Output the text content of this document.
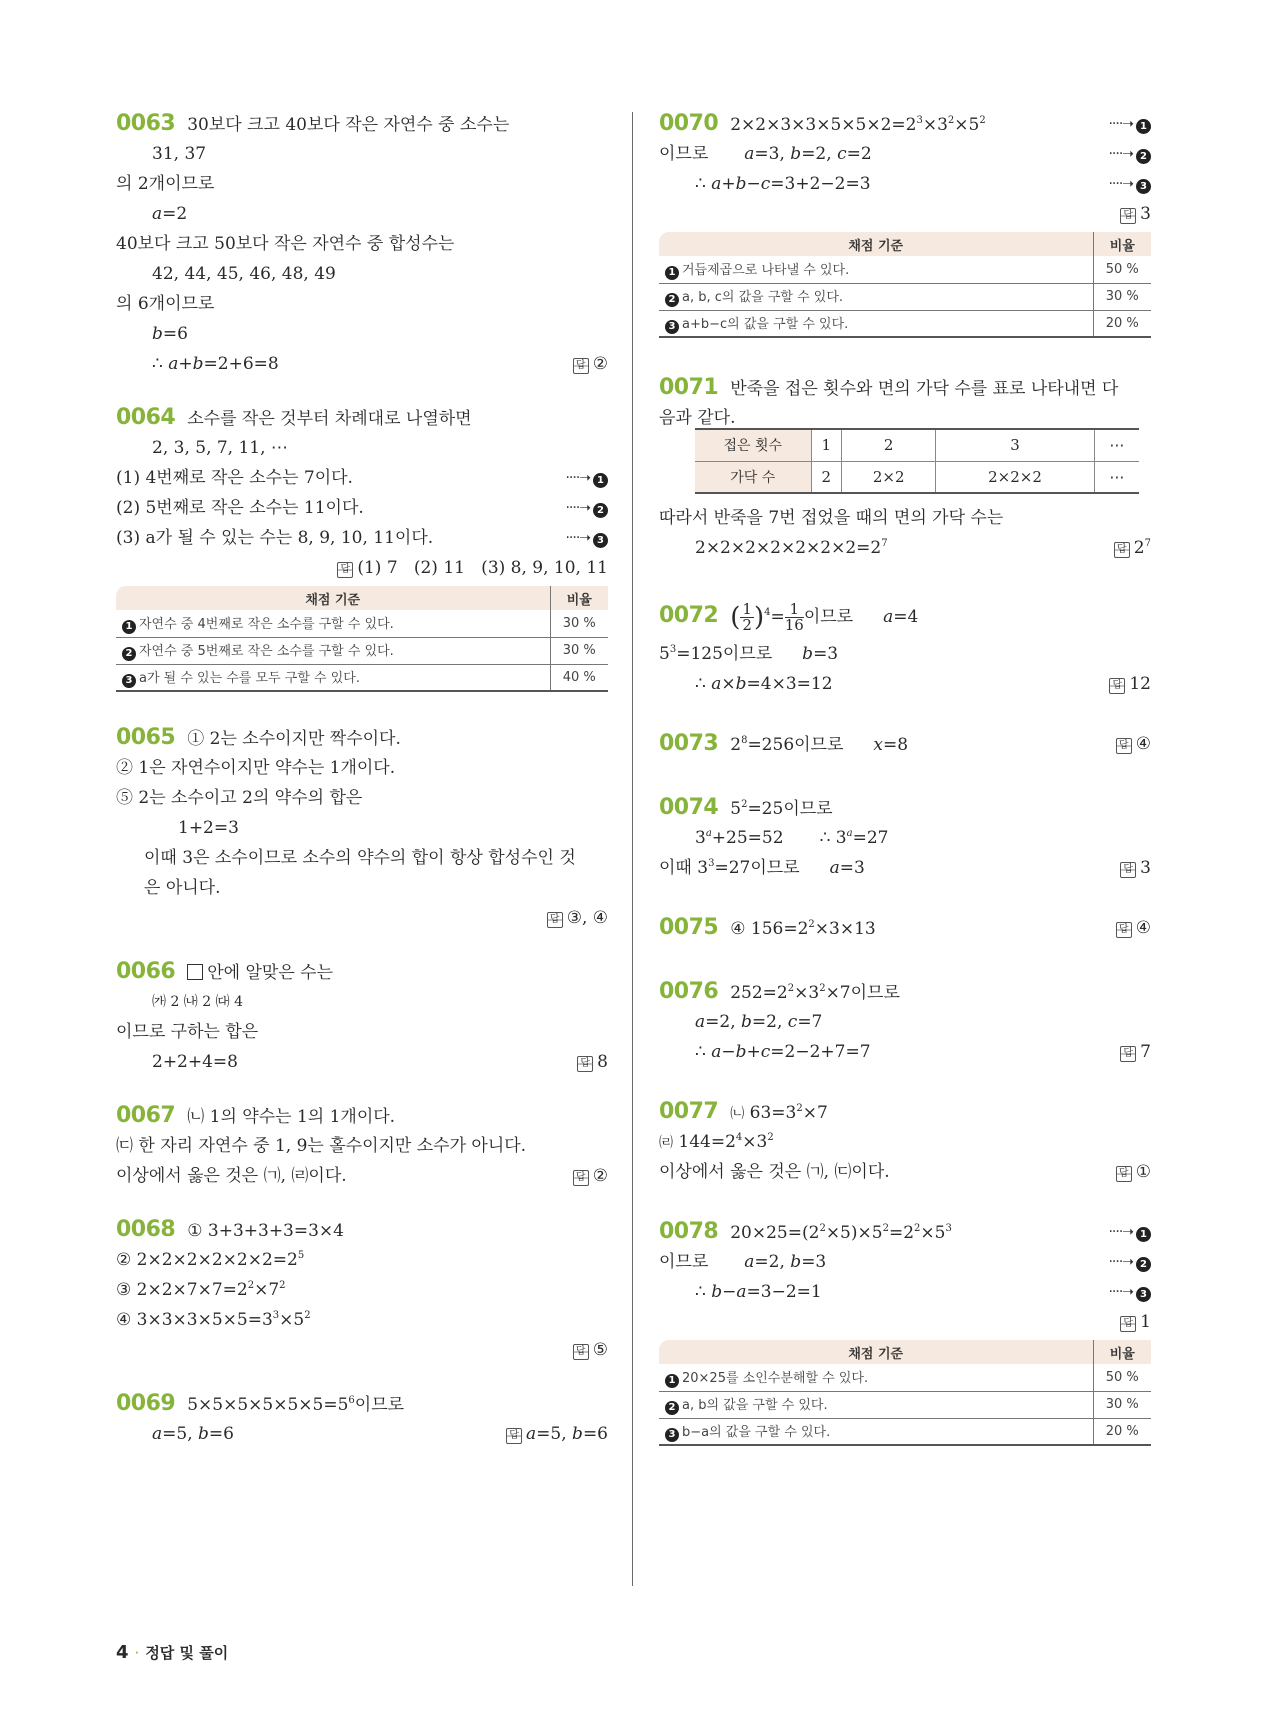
0063 30보다 크고 40보다 작은 자연수 중 소수는
31, 37
의 2개이므로
a=2
40보다 크고 50보다 작은 자연수 중 합성수는
42, 44, 45, 46, 48, 49
의 6개이므로
b=6
∴ a+b=2+6=8	답 ②
0064 소수를 작은 것부터 차례대로 나열하면
2, 3, 5, 7, 11, ⋯
(1) 4번째로 작은 소수는 7이다.	····➝ 1
(2) 5번째로 작은 소수는 11이다.	····➝ 2
(3) a가 될 수 있는 수는 8, 9, 10, 11이다.	····➝ 3
답 (1) 7   (2) 11   (3) 8, 9, 10, 11
채점 기준	비율
1 자연수 중 4번째로 작은 소수를 구할 수 있다.	30 %
2 자연수 중 5번째로 작은 소수를 구할 수 있다.	30 %
3 a가 될 수 있는 수를 모두 구할 수 있다.	40 %
0065 ① 2는 소수이지만 짝수이다.
② 1은 자연수이지만 약수는 1개이다.
⑤ 2는 소수이고 2의 약수의 합은
1+2=3
이때 3은 소수이므로 소수의 약수의 합이 항상 합성수인 것
은 아니다.
답 ③, ④
0066 안에 알맞은 수는
㈎ 2 ㈏ 2 ㈐ 4
이므로 구하는 합은
2+2+4=8	답 8
0067 ㈁ 1의 약수는 1의 1개이다.
㈂ 한 자리 자연수 중 1, 9는 홀수이지만 소수가 아니다.
이상에서 옳은 것은 ㈀, ㈃이다.	답 ②
0068 ① 3+3+3+3=3×4
② $2\times 2\times 2\times 2\times 2\times 2=2^5$
③ $2\times 2\times 7\times 7=2^2\times 7^2$
④ $3\times 3\times 3\times 5\times 5=3^3\times 5^2$
답 ⑤
0069 $5\times 5\times 5\times 5\times 5\times 5=5^6$이므로
a=5, b=6	답 a=5, b=6
0070 $2\times 2\times 3\times 3\times 5\times 5\times 2=2^3\times 3^2\times 5^2$	····➝ 1
이므로 a=3, b=2, c=2	····➝ 2
∴ a+b−c=3+2−2=3	····➝ 3
답 3
채점 기준	비율
1 거듭제곱으로 나타낼 수 있다.	50 %
2 a, b, c의 값을 구할 수 있다.	30 %
3 a+b−c의 값을 구할 수 있다.	20 %
0071 반죽을 접은 횟수와 면의 가닥 수를 표로 나타내면 다
음과 같다.
접은 횟수	1	2	3	⋯
가닥 수	2	2×2	2×2×2	⋯
따라서 반죽을 7번 접었을 때의 면의 가닥 수는
$2\times 2\times 2\times 2\times 2\times 2\times 2=2^7$
답 $2^7$
0072 ( $\frac{1}{2} )^4= \frac{1}{16}$ 이므로 a=4
$5^3=125$이므로 b=3
∴ a×b=4×3=12	답 12
0073 $2^8=256$이므로 x=8	답 ④
0074 $5^2=25$이므로
$3^a+25=52$ ∴ $3^a=27$
이때 $3^3=27$이므로 a=3	답 3
0075 ④ $156=2^2\times 3\times 13$	답 ④
0076 $252=2^2\times 3^2\times 7$이므로
a=2, b=2, c=7
∴ a−b+c=2−2+7=7	답 7
0077 ㈁ $63=3^2\times 7$
㈃ $144=2^4\times 3^2$
이상에서 옳은 것은 ㈀, ㈂이다.	답 ①
0078 $20\times 25=(2^2\times 5)\times 5^2=2^2\times 5^3$	····➝ 1
이므로 a=2, b=3	····➝ 2
∴ b−a=3−2=1	····➝ 3
답 1
채점 기준	비율
1 20×25를 소인수분해할 수 있다.	50 %
2 a, b의 값을 구할 수 있다.	30 %
3 b−a의 값을 구할 수 있다.	20 %
4 · 정답 및 풀이
